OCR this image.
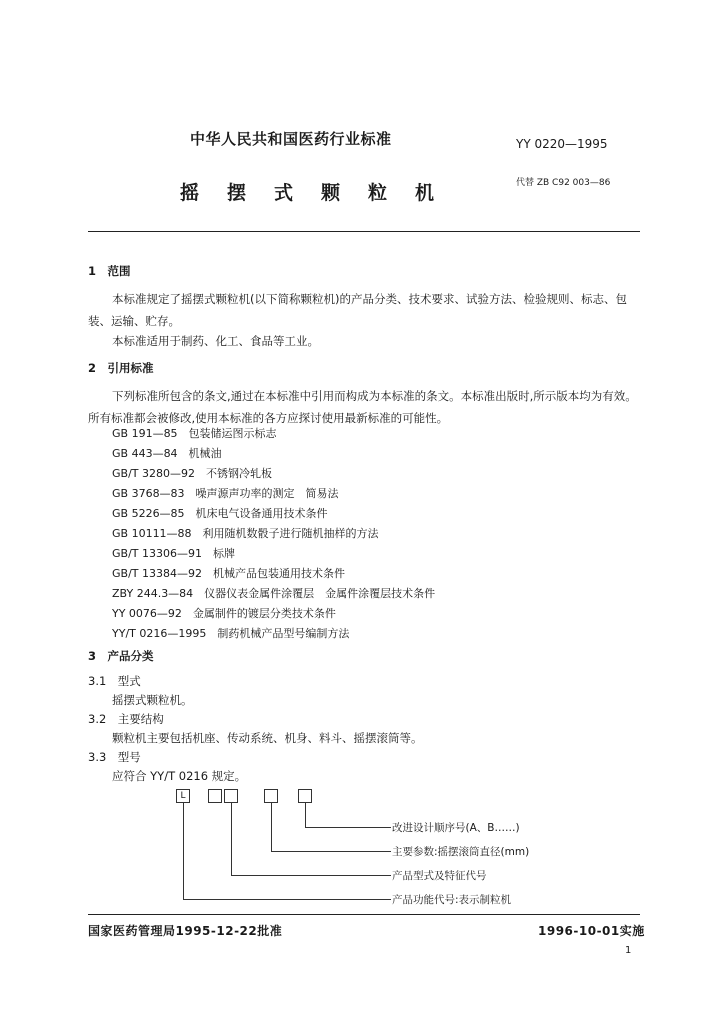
中华人民共和国医药行业标准	YY 0220—1995
摇摆式颗粒机	代替 ZB C92 003—86
1　范围
本标准规定了摇摆式颗粒机(以下简称颗粒机)的产品分类、技术要求、试验方法、检验规则、标志、包装、运输、贮存。
本标准适用于制药、化工、食品等工业。
2　引用标准
下列标准所包含的条文,通过在本标准中引用而构成为本标准的条文。本标准出版时,所示版本均为有效。所有标准都会被修改,使用本标准的各方应探讨使用最新标准的可能性。
GB 191—85　包装储运图示标志
GB 443—84　机械油
GB/T 3280—92　不锈钢冷轧板
GB 3768—83　噪声源声功率的测定　简易法
GB 5226—85　机床电气设备通用技术条件
GB 10111—88　利用随机数骰子进行随机抽样的方法
GB/T 13306—91　标牌
GB/T 13384—92　机械产品包装通用技术条件
ZBY 244.3—84　仪器仪表金属件涂覆层　金属件涂覆层技术条件
YY 0076—92　金属制件的镀层分类技术条件
YY/T 0216—1995　制药机械产品型号编制方法
3　产品分类
3.1　型式
摇摆式颗粒机。
3.2　主要结构
颗粒机主要包括机座、传动系统、机身、料斗、摇摆滚筒等。
3.3　型号
应符合 YY/T 0216 规定。
L
改进设计顺序号(A、B……)
主要参数:摇摆滚筒直径(mm)
产品型式及特征代号
产品功能代号:表示制粒机
国家医药管理局1995-12-22批准	1996-10-01实施
1
